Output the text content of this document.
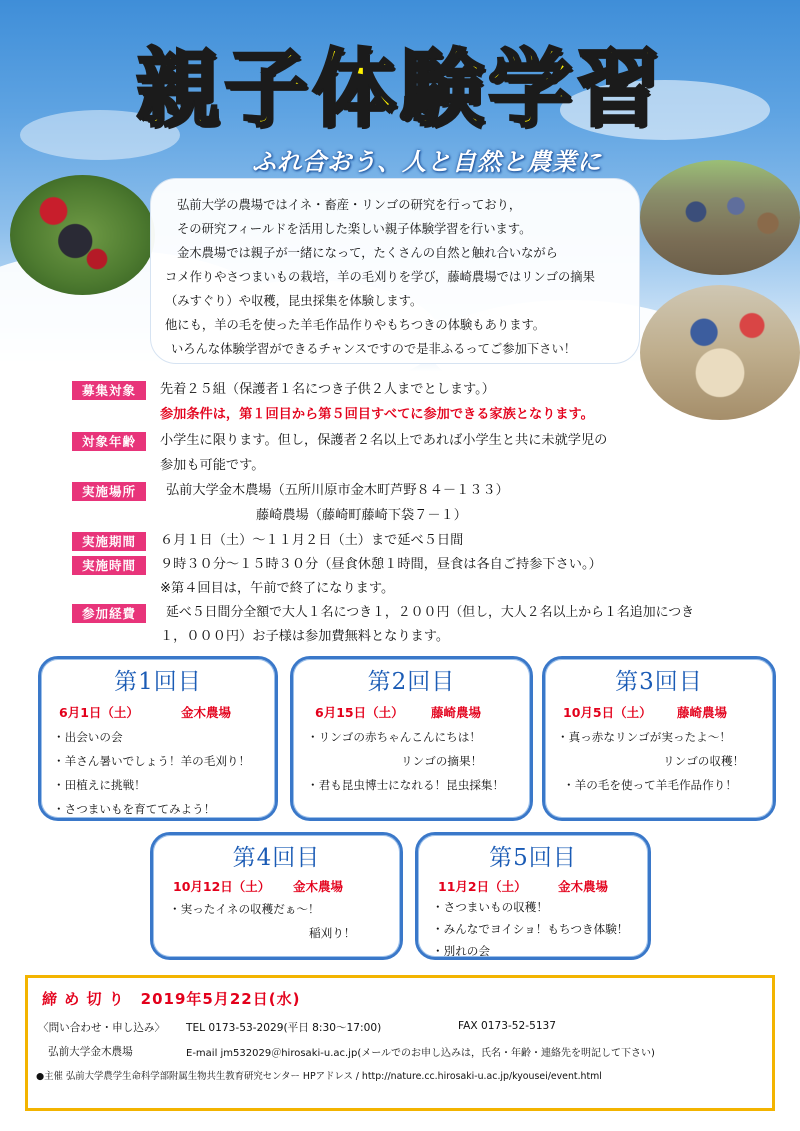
親子体験学習
ふれ合おう、人と自然と農業に

弘前大学の農場ではイネ・畜産・リンゴの研究を行っており，

その研究フィールドを活用した楽しい親子体験学習を行います。

金木農場では親子が一緒になって，たくさんの自然と触れ合いながら

コメ作りやさつまいもの栽培，羊の毛刈りを学び，藤崎農場ではリンゴの摘果

（みすぐり）や収穫，昆虫採集を体験します。

他にも，羊の毛を使った羊毛作品作りやもちつきの体験もあります。

いろんな体験学習ができるチャンスですので是非ふるってご参加下さい！

募集対象	先着２５組（保護者１名につき子供２人までとします。）
参加条件は，第１回目から第５回目すべてに参加できる家族となります。
対象年齢	小学生に限ります。但し，保護者２名以上であれば小学生と共に未就学児の
参加も可能です。
実施場所	弘前大学金木農場（五所川原市金木町芦野８４－１３３）
藤崎農場（藤崎町藤崎下袋７－１）
実施期間	６月１日（土）～１１月２日（土）まで延べ５日間
実施時間	９時３０分～１５時３０分（昼食休憩１時間，昼食は各自ご持参下さい。）
※第４回目は，午前で終了になります。
参加経費	延べ５日間分全額で大人１名につき１，２００円（但し，大人２名以上から１名追加につき
１，０００円）お子様は参加費無料となります。
第1回目
6月1日（土）	金木農場
・出会いの会
・羊さん暑いでしょう！羊の毛刈り！
・田植えに挑戦！
・さつまいもを育ててみよう！
第2回目
6月15日（土） 藤崎農場
・リンゴの赤ちゃんこんにちは！
リンゴの摘果！
・君も昆虫博士になれる！昆虫採集！
第3回目
10月5日（土） 藤崎農場
・真っ赤なリンゴが実ったよ～！
リンゴの収穫！
・羊の毛を使って羊毛作品作り！
第4回目
10月12日（土） 金木農場
・実ったイネの収穫だぁ～！
稲刈り！
第5回目
11月2日（土）	金木農場
・さつまいもの収穫！
・みんなでヨイショ！もちつき体験！
・別れの会
締 め 切 り　2019年5月22日(水)
〈問い合わせ・申し込み〉 TEL 0173-53-2029(平日 8:30～17:00)	FAX 0173-52-5137
弘前大学金木農場	E-mail jm532029＠hirosaki-u.ac.jp(メールでのお申し込みは，氏名・年齢・連絡先を明記して下さい)
●主催 弘前大学農学生命科学部附属生物共生教育研究センター HPアドレス / http://nature.cc.hirosaki-u.ac.jp/kyousei/event.html
